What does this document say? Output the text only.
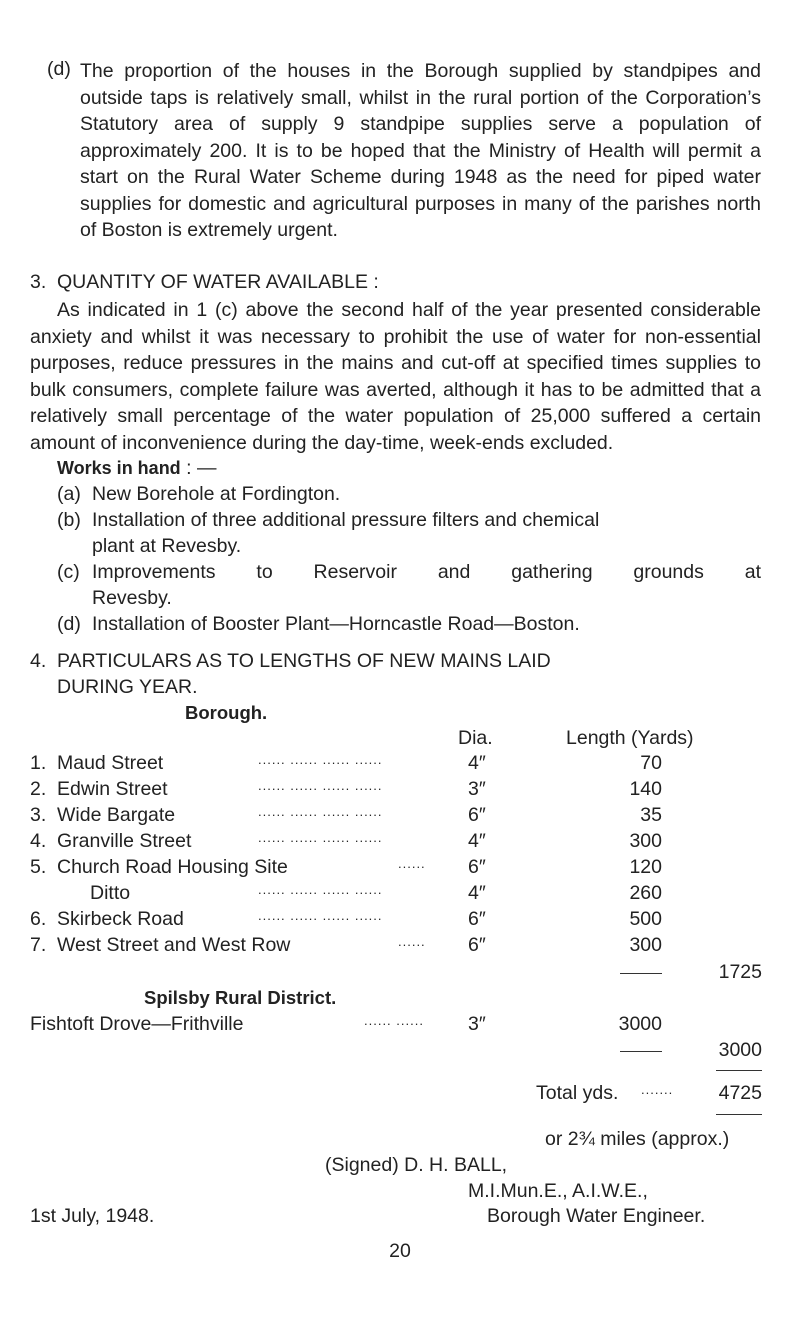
(d) The proportion of the houses in the Borough supplied by standpipes and outside taps is relatively small, whilst in the rural portion of the Corporation’s Statutory area of supply 9 standpipe supplies serve a population of approximately 200. It is to be hoped that the Ministry of Health will permit a start on the Rural Water Scheme during 1948 as the need for piped water supplies for domestic and agricultural purposes in many of the parishes north of Boston is extremely urgent.
3. QUANTITY OF WATER AVAILABLE :
As indicated in 1 (c) above the second half of the year presented considerable anxiety and whilst it was necessary to prohibit the use of water for non-essential purposes, reduce pressures in the mains and cut-off at specified times supplies to bulk consumers, complete failure was averted, although it has to be admitted that a relatively small percentage of the water population of 25,000 suffered a certain amount of inconvenience during the day-time, week-ends excluded.
Works in hand : —
(a) New Borehole at Fordington.
(b) Installation of three additional pressure filters and chemical
plant at Revesby.
(c) Improvements to Reservoir and gathering grounds at
Revesby.
(d) Installation of Booster Plant—Horncastle Road—Boston.
4. PARTICULARS AS TO LENGTHS OF NEW MAINS LAID
DURING YEAR.
Borough.
Dia.	Length (Yards)
1. Maud Street	...... ...... ...... ......	4″	70
2. Edwin Street	...... ...... ...... ......	3″	140
3. Wide Bargate	...... ...... ...... ......	6″	35
4. Granville Street	...... ...... ...... ......	4″	300
5. Church Road Housing Site	...... 6″	120
Ditto	...... ...... ...... ......	4″	260
6. Skirbeck Road	...... ...... ...... ......	6″	500
7. West Street and West Row	...... 6″	300
1725
Spilsby Rural District.
Fishtoft Drove—Frithville	...... ...... 3″	3000
3000
Total yds. .......	4725
or 2¾ miles (approx.)
(Signed) D. H. BALL,
M.I.Mun.E., A.I.W.E.,
1st July, 1948.	Borough Water Engineer.
20
